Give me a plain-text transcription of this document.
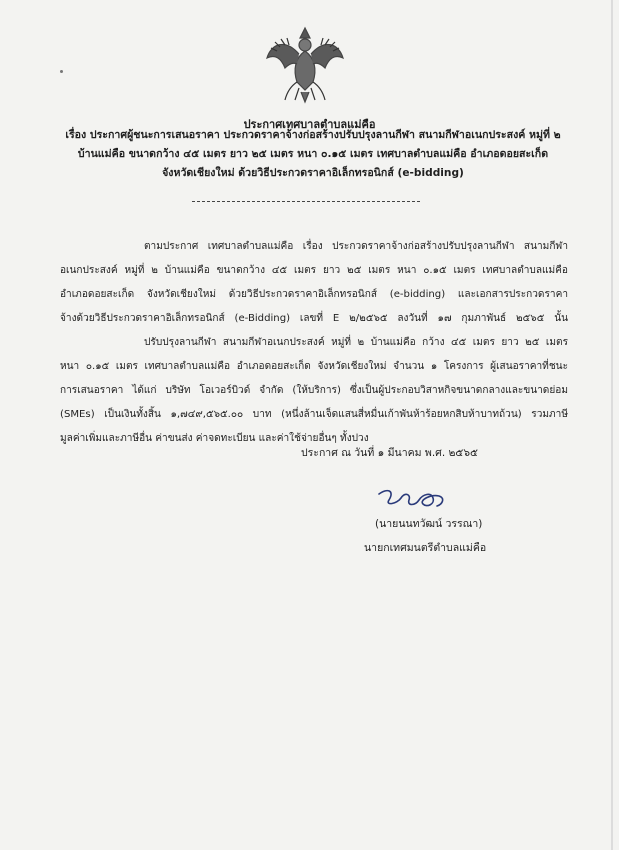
ประกาศเทศบาลตำบลแม่คือ
เรื่อง ประกาศผู้ชนะการเสนอราคา ประกวดราคาจ้างก่อสร้างปรับปรุงลานกีฬา สนามกีฬาอเนกประสงค์ หมู่ที่ ๒
บ้านแม่คือ ขนาดกว้าง ๔๕ เมตร ยาว ๒๕ เมตร หนา ๐.๑๕ เมตร เทศบาลตำบลแม่คือ อำเภอดอยสะเก็ด
จังหวัดเชียงใหม่ ด้วยวิธีประกวดราคาอิเล็กทรอนิกส์ (e-bidding)
ตามประกาศ เทศบาลตำบลแม่คือ เรื่อง ประกวดราคาจ้างก่อสร้างปรับปรุงลานกีฬา สนามกีฬา
อเนกประสงค์ หมู่ที่ ๒ บ้านแม่คือ ขนาดกว้าง ๔๕ เมตร ยาว ๒๕ เมตร หนา ๐.๑๕ เมตร เทศบาลตำบลแม่คือ
อำเภอดอยสะเก็ด จังหวัดเชียงใหม่ ด้วยวิธีประกวดราคาอิเล็กทรอนิกส์ (e-bidding) และเอกสารประกวดราคา
จ้างด้วยวิธีประกวดราคาอิเล็กทรอนิกส์ (e-Bidding) เลขที่ E ๒/๒๕๖๕ ลงวันที่ ๑๗ กุมภาพันธ์ ๒๕๖๕ นั้น
ปรับปรุงลานกีฬา สนามกีฬาอเนกประสงค์ หมู่ที่ ๒ บ้านแม่คือ กว้าง ๔๕ เมตร ยาว ๒๕ เมตร
หนา ๐.๑๕ เมตร เทศบาลตำบลแม่คือ อำเภอดอยสะเก็ด จังหวัดเชียงใหม่ จำนวน ๑ โครงการ ผู้เสนอราคาที่ชนะ
การเสนอราคา ได้แก่ บริษัท โอเวอร์บิวด์ จำกัด (ให้บริการ) ซึ่งเป็นผู้ประกอบวิสาหกิจขนาดกลางและขนาดย่อม
(SMEs) เป็นเงินทั้งสิ้น ๑,๗๔๙,๕๖๕.๐๐ บาท (หนึ่งล้านเจ็ดแสนสี่หมื่นเก้าพันห้าร้อยหกสิบห้าบาทถ้วน) รวมภาษี
มูลค่าเพิ่มและภาษีอื่น ค่าขนส่ง ค่าจดทะเบียน และค่าใช้จ่ายอื่นๆ ทั้งปวง
ประกาศ ณ วันที่ ๑ มีนาคม พ.ศ. ๒๕๖๕
(นายนนทวัฒน์ วรรณา)
นายกเทศมนตรีตำบลแม่คือ
